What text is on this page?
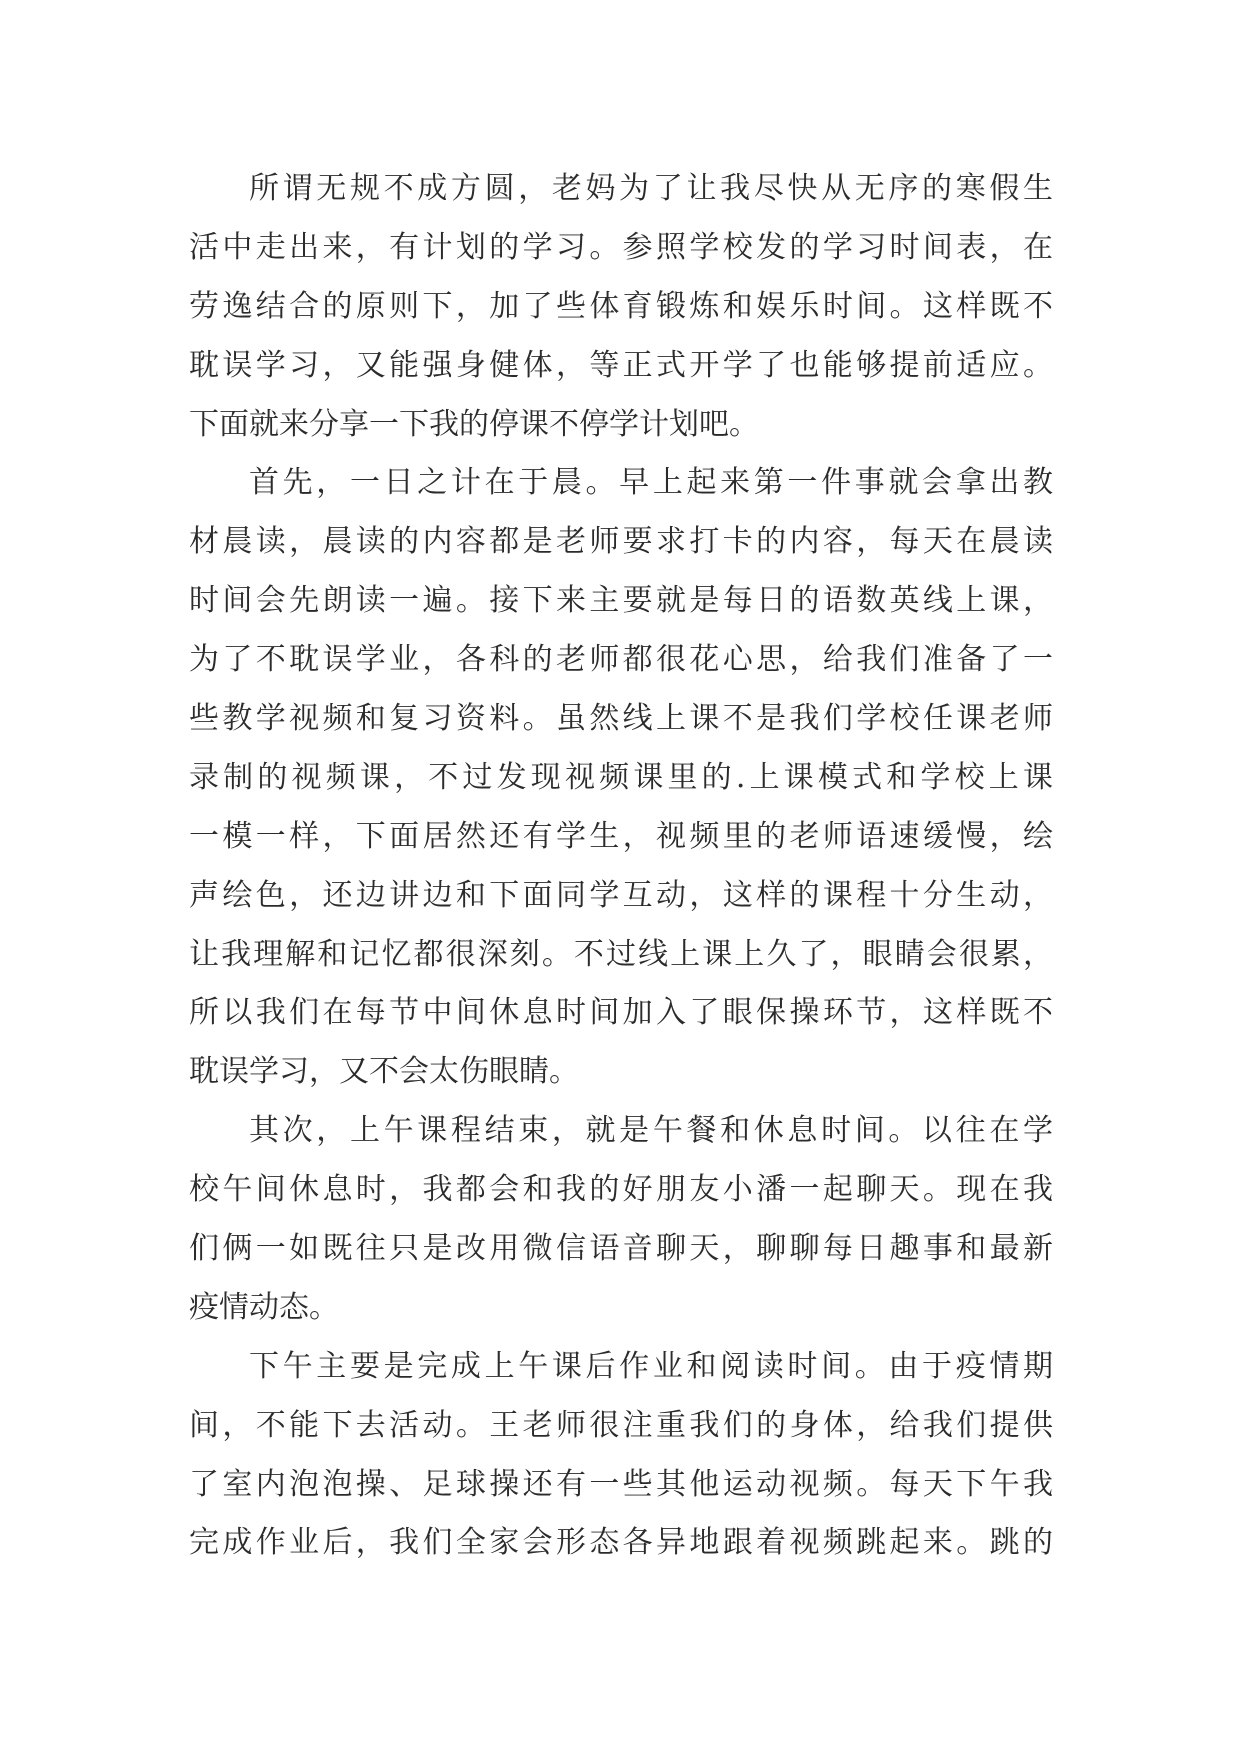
所谓无规不成方圆，老妈为了让我尽快从无序的寒假生
活中走出来，有计划的学习。参照学校发的学习时间表，在
劳逸结合的原则下，加了些体育锻炼和娱乐时间。这样既不
耽误学习，又能强身健体，等正式开学了也能够提前适应。
下面就来分享一下我的停课不停学计划吧。
首先，一日之计在于晨。早上起来第一件事就会拿出教
材晨读，晨读的内容都是老师要求打卡的内容，每天在晨读
时间会先朗读一遍。接下来主要就是每日的语数英线上课，
为了不耽误学业，各科的老师都很花心思，给我们准备了一
些教学视频和复习资料。虽然线上课不是我们学校任课老师
录制的视频课，不过发现视频课里的.上课模式和学校上课
一模一样，下面居然还有学生，视频里的老师语速缓慢，绘
声绘色，还边讲边和下面同学互动，这样的课程十分生动，
让我理解和记忆都很深刻。不过线上课上久了，眼睛会很累，
所以我们在每节中间休息时间加入了眼保操环节，这样既不
耽误学习，又不会太伤眼睛。
其次，上午课程结束，就是午餐和休息时间。以往在学
校午间休息时，我都会和我的好朋友小潘一起聊天。现在我
们俩一如既往只是改用微信语音聊天，聊聊每日趣事和最新
疫情动态。
下午主要是完成上午课后作业和阅读时间。由于疫情期
间，不能下去活动。王老师很注重我们的身体，给我们提供
了室内泡泡操、足球操还有一些其他运动视频。每天下午我
完成作业后，我们全家会形态各异地跟着视频跳起来。跳的
